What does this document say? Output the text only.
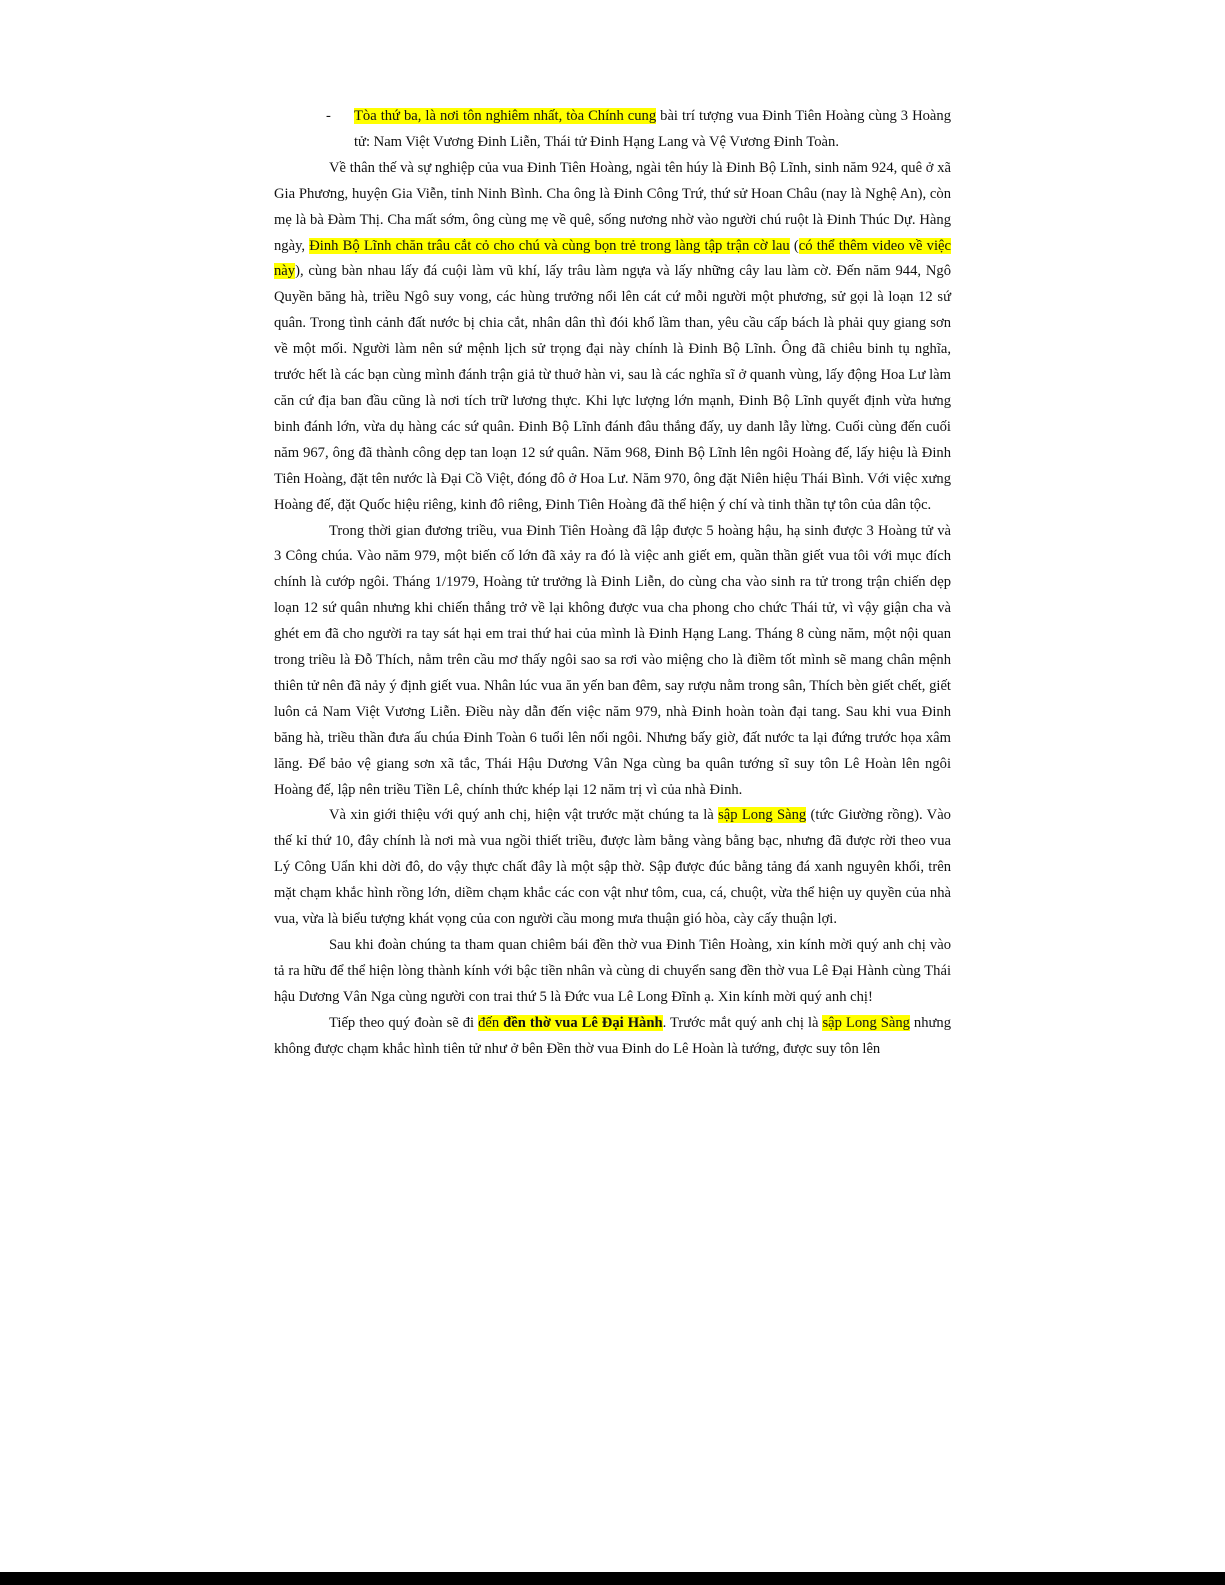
- Tòa thứ ba, là nơi tôn nghiêm nhất, tòa Chính cung bài trí tượng vua Đinh Tiên Hoàng cùng 3 Hoàng tử: Nam Việt Vương Đinh Liễn, Thái tử Đinh Hạng Lang và Vệ Vương Đinh Toàn.

Về thân thế và sự nghiệp của vua Đinh Tiên Hoàng, ngài tên húy là Đinh Bộ Lĩnh, sinh năm 924, quê ở xã Gia Phương, huyện Gia Viễn, tỉnh Ninh Bình. Cha ông là Đinh Công Trứ, thứ sử Hoan Châu (nay là Nghệ An), còn mẹ là bà Đàm Thị. Cha mất sớm, ông cùng mẹ về quê, sống nương nhờ vào người chú ruột là Đinh Thúc Dự. Hàng ngày, Đinh Bộ Lĩnh chăn trâu cắt cỏ cho chú và cùng bọn trẻ trong làng tập trận cờ lau (có thể thêm video về việc này), cùng bàn nhau lấy đá cuội làm vũ khí, lấy trâu làm ngựa và lấy những cây lau làm cờ. Đến năm 944, Ngô Quyền băng hà, triều Ngô suy vong, các hùng trưởng nổi lên cát cứ mỗi người một phương, sử gọi là loạn 12 sứ quân. Trong tình cảnh đất nước bị chia cắt, nhân dân thì đói khổ lầm than, yêu cầu cấp bách là phải quy giang sơn về một mối. Người làm nên sứ mệnh lịch sử trọng đại này chính là Đinh Bộ Lĩnh. Ông đã chiêu binh tụ nghĩa, trước hết là các bạn cùng mình đánh trận giả từ thuở hàn vi, sau là các nghĩa sĩ ở quanh vùng, lấy động Hoa Lư làm căn cứ địa ban đầu cũng là nơi tích trữ lương thực. Khi lực lượng lớn mạnh, Đinh Bộ Lĩnh quyết định vừa hưng binh đánh lớn, vừa dụ hàng các sứ quân. Đinh Bộ Lĩnh đánh đâu thắng đấy, uy danh lẫy lừng. Cuối cùng đến cuối năm 967, ông đã thành công dẹp tan loạn 12 sứ quân. Năm 968, Đinh Bộ Lĩnh lên ngôi Hoàng đế, lấy hiệu là Đinh Tiên Hoàng, đặt tên nước là Đại Cồ Việt, đóng đô ở Hoa Lư. Năm 970, ông đặt Niên hiệu Thái Bình. Với việc xưng Hoàng đế, đặt Quốc hiệu riêng, kinh đô riêng, Đinh Tiên Hoàng đã thể hiện ý chí và tinh thần tự tôn của dân tộc.

Trong thời gian đương triều, vua Đinh Tiên Hoàng đã lập được 5 hoàng hậu, hạ sinh được 3 Hoàng tử và 3 Công chúa. Vào năm 979, một biến cố lớn đã xảy ra đó là việc anh giết em, quần thần giết vua tôi với mục đích chính là cướp ngôi. Tháng 1/1979, Hoàng tử trưởng là Đinh Liễn, do cùng cha vào sinh ra tử trong trận chiến dẹp loạn 12 sứ quân nhưng khi chiến thắng trở về lại không được vua cha phong cho chức Thái tử, vì vậy giận cha và ghét em đã cho người ra tay sát hại em trai thứ hai của mình là Đinh Hạng Lang. Tháng 8 cùng năm, một nội quan trong triều là Đỗ Thích, nằm trên cầu mơ thấy ngôi sao sa rơi vào miệng cho là điềm tốt mình sẽ mang chân mệnh thiên tử nên đã nảy ý định giết vua. Nhân lúc vua ăn yến ban đêm, say rượu nằm trong sân, Thích bèn giết chết, giết luôn cả Nam Việt Vương Liễn. Điều này dẫn đến việc năm 979, nhà Đinh hoàn toàn đại tang. Sau khi vua Đinh băng hà, triều thần đưa ấu chúa Đinh Toàn 6 tuổi lên nối ngôi. Nhưng bấy giờ, đất nước ta lại đứng trước họa xâm lăng. Để bảo vệ giang sơn xã tắc, Thái Hậu Dương Vân Nga cùng ba quân tướng sĩ suy tôn Lê Hoàn lên ngôi Hoàng đế, lập nên triều Tiền Lê, chính thức khép lại 12 năm trị vì của nhà Đinh.

Và xin giới thiệu với quý anh chị, hiện vật trước mặt chúng ta là sập Long Sàng (tức Giường rồng). Vào thế kỉ thứ 10, đây chính là nơi mà vua ngồi thiết triều, được làm bằng vàng bằng bạc, nhưng đã được rời theo vua Lý Công Uẩn khi dời đô, do vậy thực chất đây là một sập thờ. Sập được đúc bằng tảng đá xanh nguyên khối, trên mặt chạm khắc hình rồng lớn, diềm chạm khắc các con vật như tôm, cua, cá, chuột, vừa thể hiện uy quyền của nhà vua, vừa là biểu tượng khát vọng của con người cầu mong mưa thuận gió hòa, cày cấy thuận lợi.

Sau khi đoàn chúng ta tham quan chiêm bái đền thờ vua Đinh Tiên Hoàng, xin kính mời quý anh chị vào tả ra hữu để thể hiện lòng thành kính với bậc tiền nhân và cùng di chuyển sang đền thờ vua Lê Đại Hành cùng Thái hậu Dương Vân Nga cùng người con trai thứ 5 là Đức vua Lê Long Đĩnh ạ. Xin kính mời quý anh chị!

Tiếp theo quý đoàn sẽ đi đến đền thờ vua Lê Đại Hành. Trước mắt quý anh chị là sập Long Sàng nhưng không được chạm khắc hình tiên tử như ở bên Đền thờ vua Đinh do Lê Hoàn là tướng, được suy tôn lên
